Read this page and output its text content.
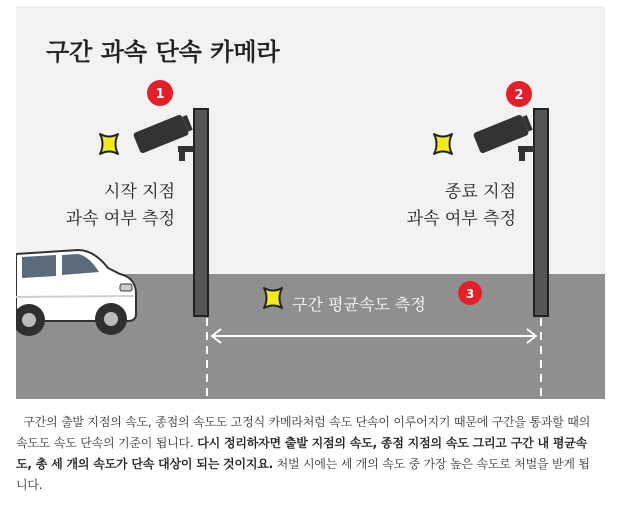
구간 과속 단속 카메라
1	2
3
시작 지점
과속 여부 측정
종료 지점
과속 여부 측정
구간 평균속도 측정
구간의 출발 지점의 속도, 종점의 속도도 고정식 카메라처럼 속도 단속이 이루어지기 때문에 구간을 통과할 때의 속도도 속도 단속의 기준이 됩니다. 다시 정리하자면 출발 지점의 속도, 종점 지점의 속도 그리고 구간 내 평균속도, 총 세 개의 속도가 단속 대상이 되는 것이지요. 처벌 시에는 세 개의 속도 중 가장 높은 속도로 처벌을 받게 됩니다.
